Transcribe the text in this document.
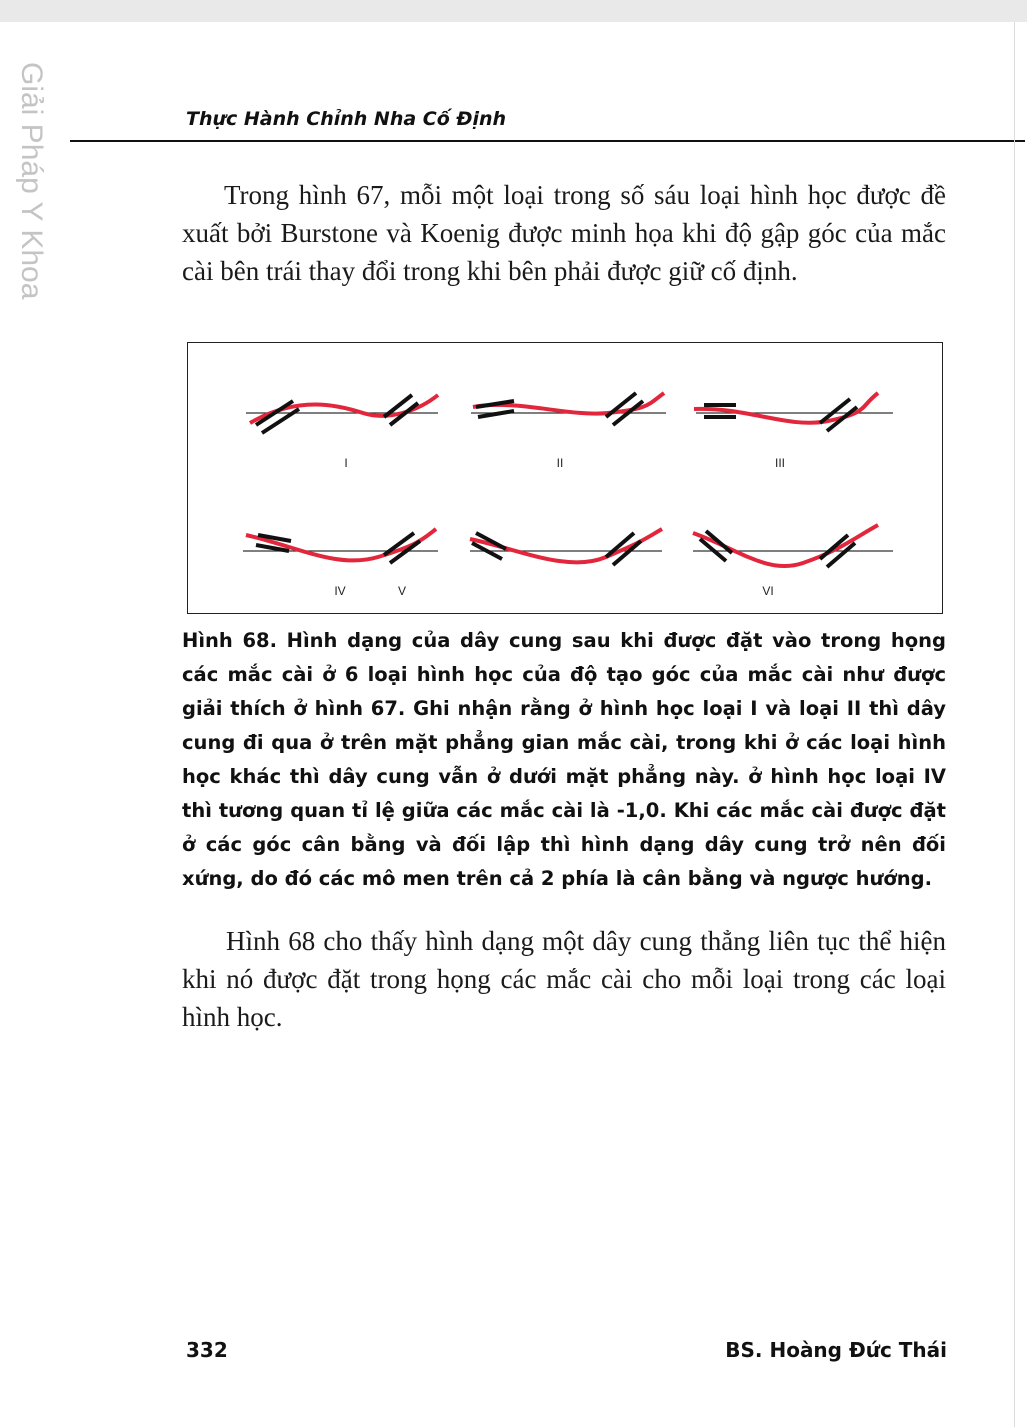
Giải Pháp Y Khoa	Thực Hành Chỉnh Nha Cố Định

Trong hình 67, mỗi một loại trong số sáu loại hình học được đề xuất bởi Burstone và Koenig được minh họa khi độ gập góc của mắc cài bên trái thay đổi trong khi bên phải được giữ cố định.

I	II	III
IV	V	VI

Hình 68. Hình dạng của dây cung sau khi được đặt vào trong họng các mắc cài ở 6 loại hình học của độ tạo góc của mắc cài như được giải thích ở hình 67. Ghi nhận rằng ở hình học loại I và loại II thì dây cung đi qua ở trên mặt phẳng gian mắc cài, trong khi ở các loại hình học khác thì dây cung vẫn ở dưới mặt phẳng này. ở hình học loại IV thì tương quan tỉ lệ giữa các mắc cài là -1,0. Khi các mắc cài được đặt ở các góc cân bằng và đối lập thì hình dạng dây cung trở nên đối xứng, do đó các mô men trên cả 2 phía là cân bằng và ngược hướng.

Hình 68 cho thấy hình dạng một dây cung thẳng liên tục thể hiện khi nó được đặt trong họng các mắc cài cho mỗi loại trong các loại hình học.

332	BS. Hoàng Đức Thái
